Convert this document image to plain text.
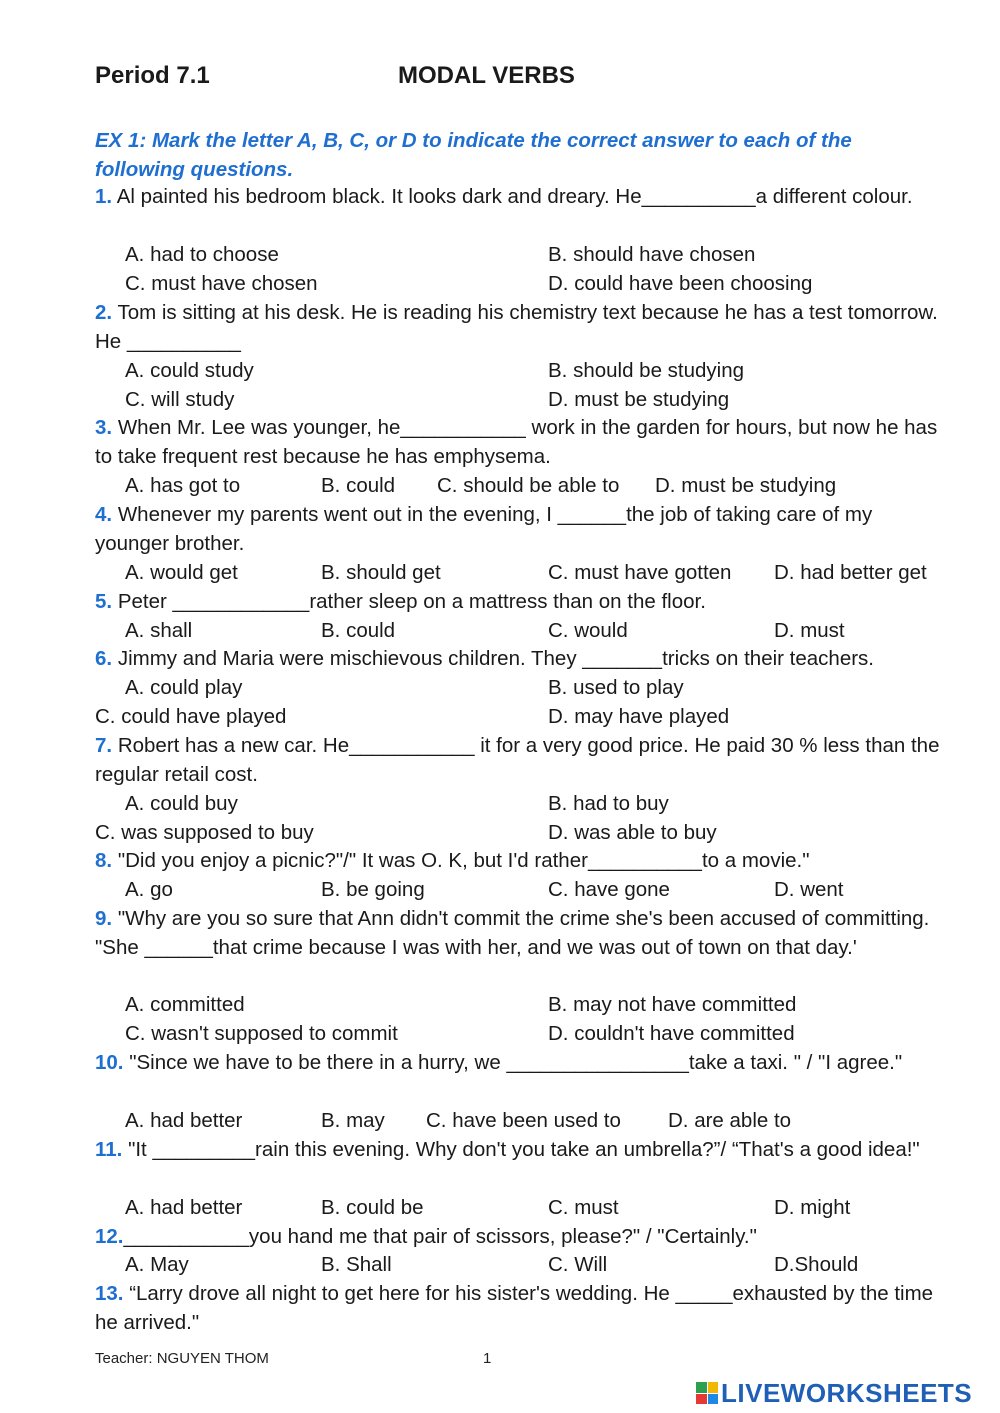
Period 7.1	MODAL VERBS
EX 1: Mark the letter A, B, C, or D to indicate the correct answer to each of the following questions.
1. Al painted his bedroom black. It looks dark and dreary. He__________a different colour.
A. had to choose	B. should have chosen
C. must have chosen	D. could have been choosing
2. Tom is sitting at his desk. He is reading his chemistry text because he has a test tomorrow. He __________
A. could study	B. should be studying
C. will study	D. must be studying
3. When Mr. Lee was younger, he___________ work in the garden for hours, but now he has to take frequent rest because he has emphysema.
A. has got to	B. could C. should be able to D. must be studying
4. Whenever my parents went out in the evening, I ______the job of taking care of my younger brother.
A. would get	B. should get	C. must have gotten D. had better get
5. Peter ____________rather sleep on a mattress than on the floor.
A. shall	B. could	C. would	D. must
6. Jimmy and Maria were mischievous children. They _______tricks on their teachers.
A. could play	B. used to play
C. could have played	D. may have played
7. Robert has a new car. He___________ it for a very good price. He paid 30 % less than the regular retail cost.
A. could buy	B. had to buy
C. was supposed to buy	D. was able to buy
8. "Did you enjoy a picnic?"/" It was O. K, but I'd rather__________to a movie."
A. go	B. be going	C. have gone	D. went
9. "Why are you so sure that Ann didn't commit the crime she's been accused of committing. "She ______that crime because I was with her, and we was out of town on that day.'
A. committed	B. may not have committed
C. wasn't supposed to commit	D. couldn't have committed
10. "Since we have to be there in a hurry, we ________________take a taxi. " / "I agree."
A. had better	B. may C. have been used to D. are able to
11. "It _________rain this evening. Why don't you take an umbrella?”/ “That's a good idea!"
A. had better	B. could be	C. must	D. might
12.___________you hand me that pair of scissors, please?" / "Certainly."
A. May	B. Shall	C. Will	D.Should
13. “Larry drove all night to get here for his sister's wedding. He _____exhausted by the time he arrived."
Teacher: NGUYEN THOM	1
LIVEWORKSHEETS
